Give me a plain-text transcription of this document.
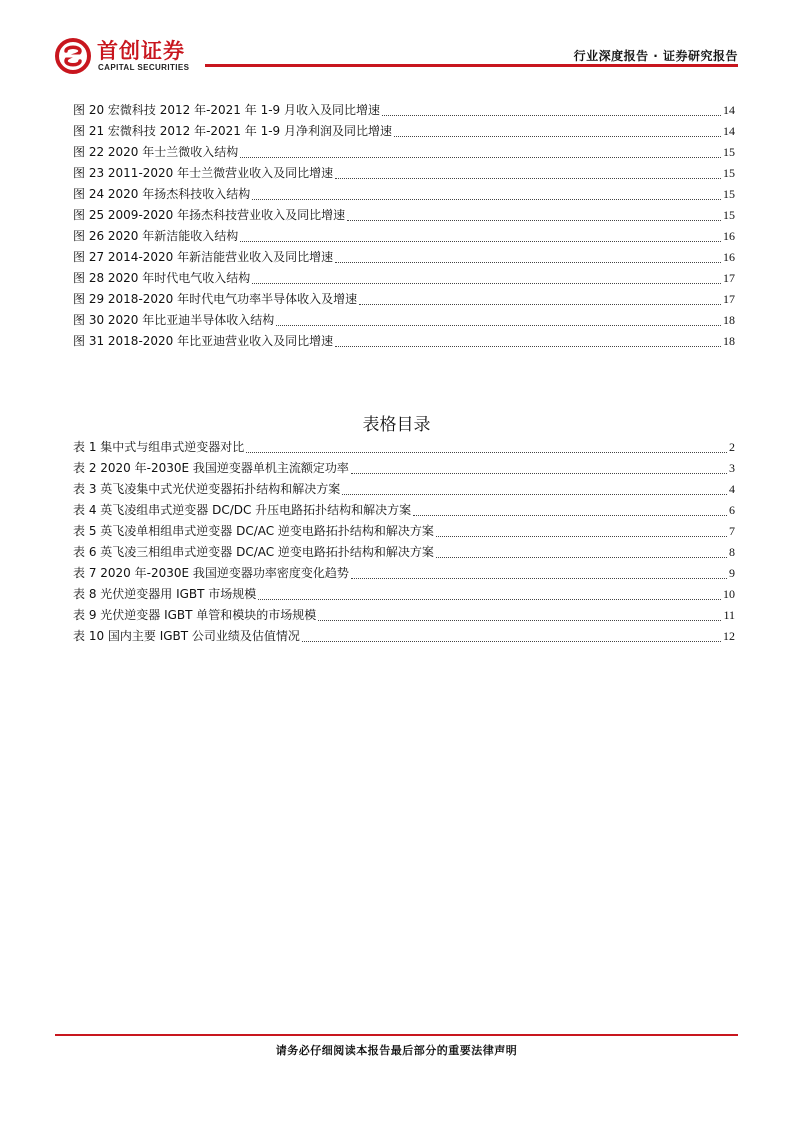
首创证券
CAPITAL SECURITIES
行业深度报告 · 证券研究报告
图 20 宏微科技 2012 年-2021 年 1-9 月收入及同比增速	14
图 21 宏微科技 2012 年-2021 年 1-9 月净利润及同比增速	14
图 22 2020 年士兰微收入结构	15
图 23 2011-2020 年士兰微营业收入及同比增速	15
图 24 2020 年扬杰科技收入结构	15
图 25 2009-2020 年扬杰科技营业收入及同比增速	15
图 26 2020 年新洁能收入结构	16
图 27 2014-2020 年新洁能营业收入及同比增速	16
图 28 2020 年时代电气收入结构	17
图 29 2018-2020 年时代电气功率半导体收入及增速	17
图 30 2020 年比亚迪半导体收入结构	18
图 31 2018-2020 年比亚迪营业收入及同比增速	18
表格目录
表 1 集中式与组串式逆变器对比	2
表 2 2020 年-2030E 我国逆变器单机主流额定功率	3
表 3 英飞凌集中式光伏逆变器拓扑结构和解决方案	4
表 4 英飞凌组串式逆变器 DC/DC 升压电路拓扑结构和解决方案	6
表 5 英飞凌单相组串式逆变器 DC/AC 逆变电路拓扑结构和解决方案	7
表 6 英飞凌三相组串式逆变器 DC/AC 逆变电路拓扑结构和解决方案	8
表 7 2020 年-2030E 我国逆变器功率密度变化趋势	9
表 8 光伏逆变器用 IGBT 市场规模	10
表 9 光伏逆变器 IGBT 单管和模块的市场规模	11
表 10 国内主要 IGBT 公司业绩及估值情况	12
请务必仔细阅读本报告最后部分的重要法律声明
